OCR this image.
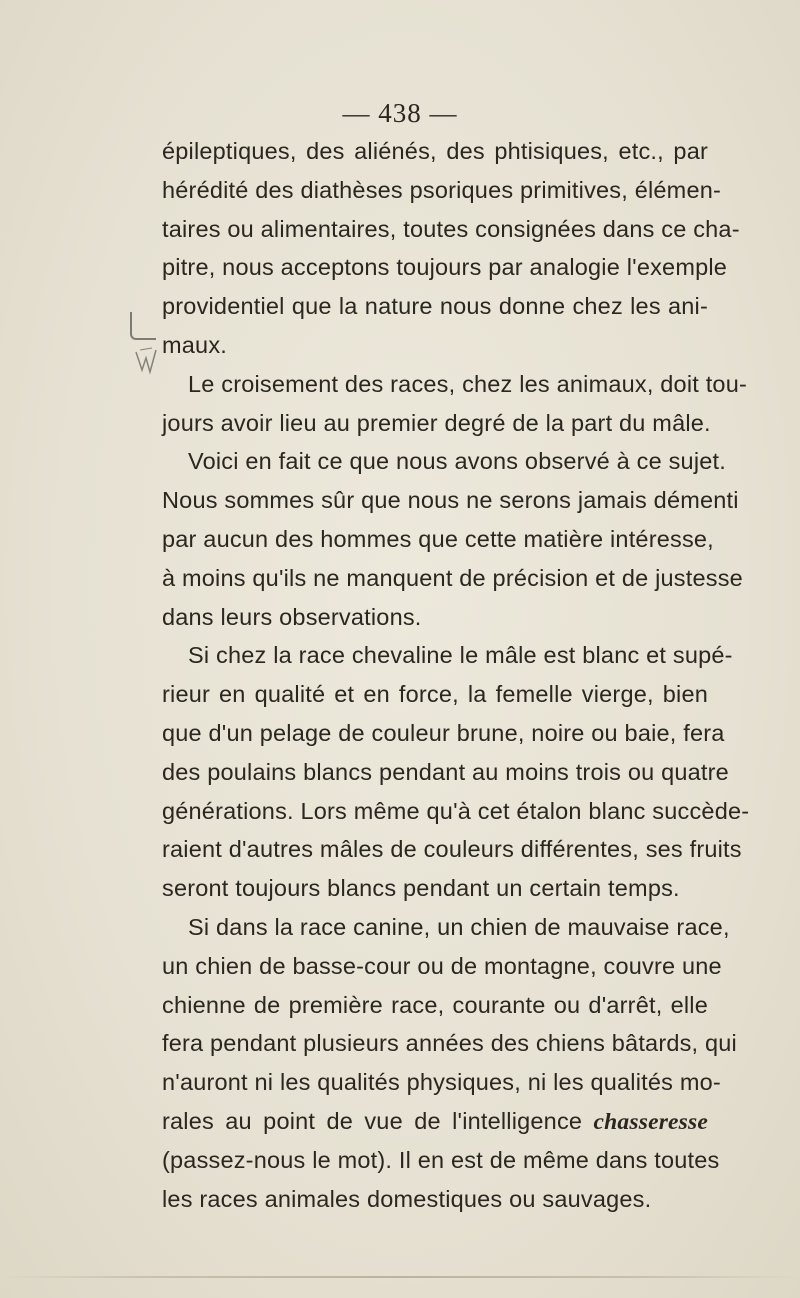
— 438 —
épileptiques, des aliénés, des phtisiques, etc., par
hérédité des diathèses psoriques primitives, élémen-
taires ou alimentaires, toutes consignées dans ce cha-
pitre, nous acceptons toujours par analogie l'exemple
providentiel que la nature nous donne chez les ani-
maux.
Le croisement des races, chez les animaux, doit tou-
jours avoir lieu au premier degré de la part du mâle.
Voici en fait ce que nous avons observé à ce sujet.
Nous sommes sûr que nous ne serons jamais démenti
par aucun des hommes que cette matière intéresse,
à moins qu'ils ne manquent de précision et de justesse
dans leurs observations.
Si chez la race chevaline le mâle est blanc et supé-
rieur en qualité et en force, la femelle vierge, bien
que d'un pelage de couleur brune, noire ou baie, fera
des poulains blancs pendant au moins trois ou quatre
générations. Lors même qu'à cet étalon blanc succède-
raient d'autres mâles de couleurs différentes, ses fruits
seront toujours blancs pendant un certain temps.
Si dans la race canine, un chien de mauvaise race,
un chien de basse-cour ou de montagne, couvre une
chienne de première race, courante ou d'arrêt, elle
fera pendant plusieurs années des chiens bâtards, qui
n'auront ni les qualités physiques, ni les qualités mo-
rales au point de vue de l'intelligence chasseresse
(passez-nous le mot). Il en est de même dans toutes
les races animales domestiques ou sauvages.
